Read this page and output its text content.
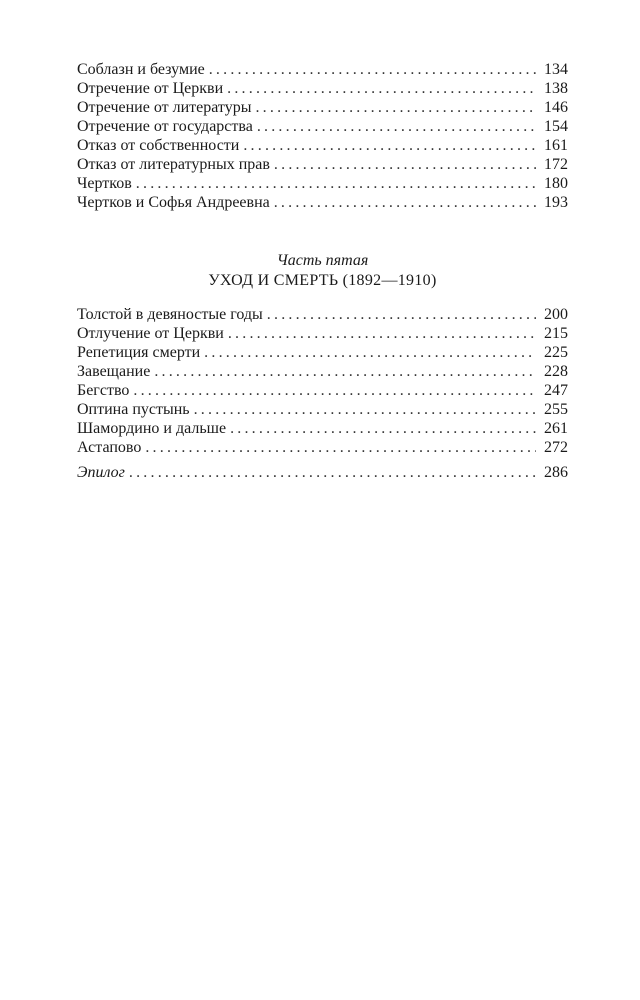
Соблазн и безумие .....	134
Отречение от Церкви .....	138
Отречение от литературы .....	146
Отречение от государства .....	154
Отказ от собственности .....	161
Отказ от литературных прав .....	172
Чертков .....	180
Чертков и Софья Андреевна .....	193
Часть пятая
УХОД И СМЕРТЬ (1892—1910)
Толстой в девяностые годы .....	200
Отлучение от Церкви .....	215
Репетиция смерти .....	225
Завещание .....	228
Бегство .....	247
Оптина пустынь .....	255
Шамордино и дальше .....	261
Астапово .....	272
Эпилог .....	286
